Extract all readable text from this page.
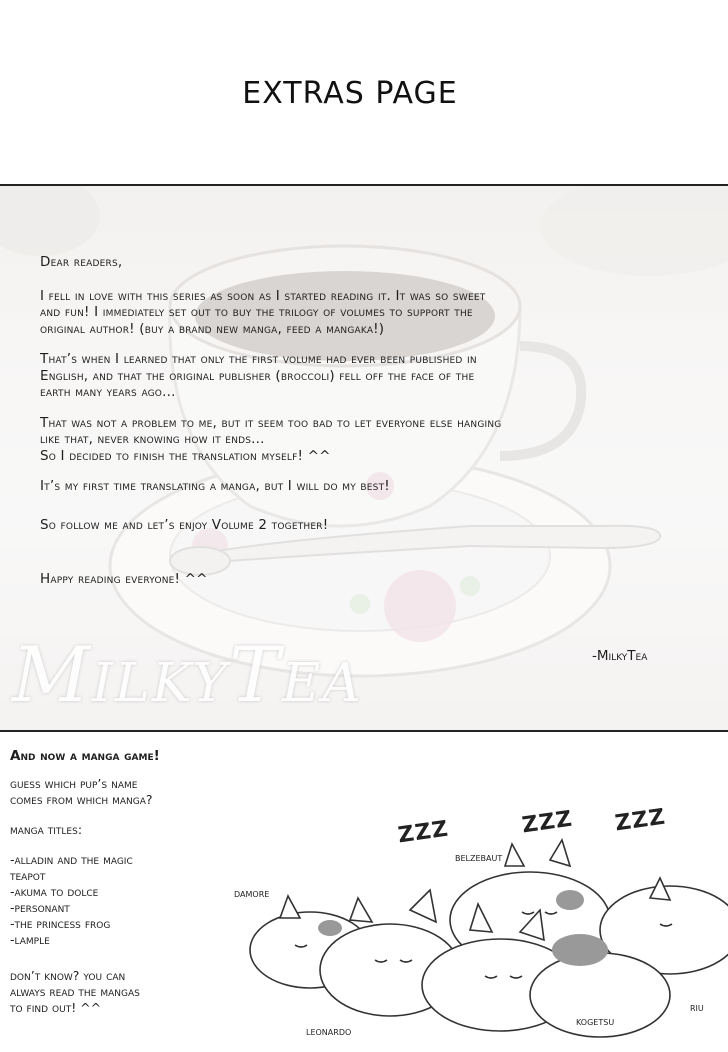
EXTRAS PAGE
MilkyTea

Dear readers,

I fell in love with this series as soon as I started reading it. It was so sweet
and fun! I immediately set out to buy the trilogy of volumes to support the
original author! (buy a brand new manga, feed a mangaka!)

That’s when I learned that only the first volume had ever been published in
English, and that the original publisher (broccoli) fell off the face of the
earth many years ago...

That was not a problem to me, but it seem too bad to let everyone else hanging
like that, never knowing how it ends...
So I decided to finish the translation myself! ^^

It’s my first time translating a manga, but I will do my best!

So follow me and let’s enjoy Volume 2 together!

Happy reading everyone! ^^

-MilkyTea
And now a manga game!

guess which pup’s name
comes from which manga?

manga titles:

-alladin and the magic
teapot
-akuma to dolce
-personant
-the princess frog
-lample

don’t know? you can
always read the mangas
to find out! ^^

ZZZ	ZZZ ZZZ
belzebaut
damore
riu
kogetsu
leonardo
